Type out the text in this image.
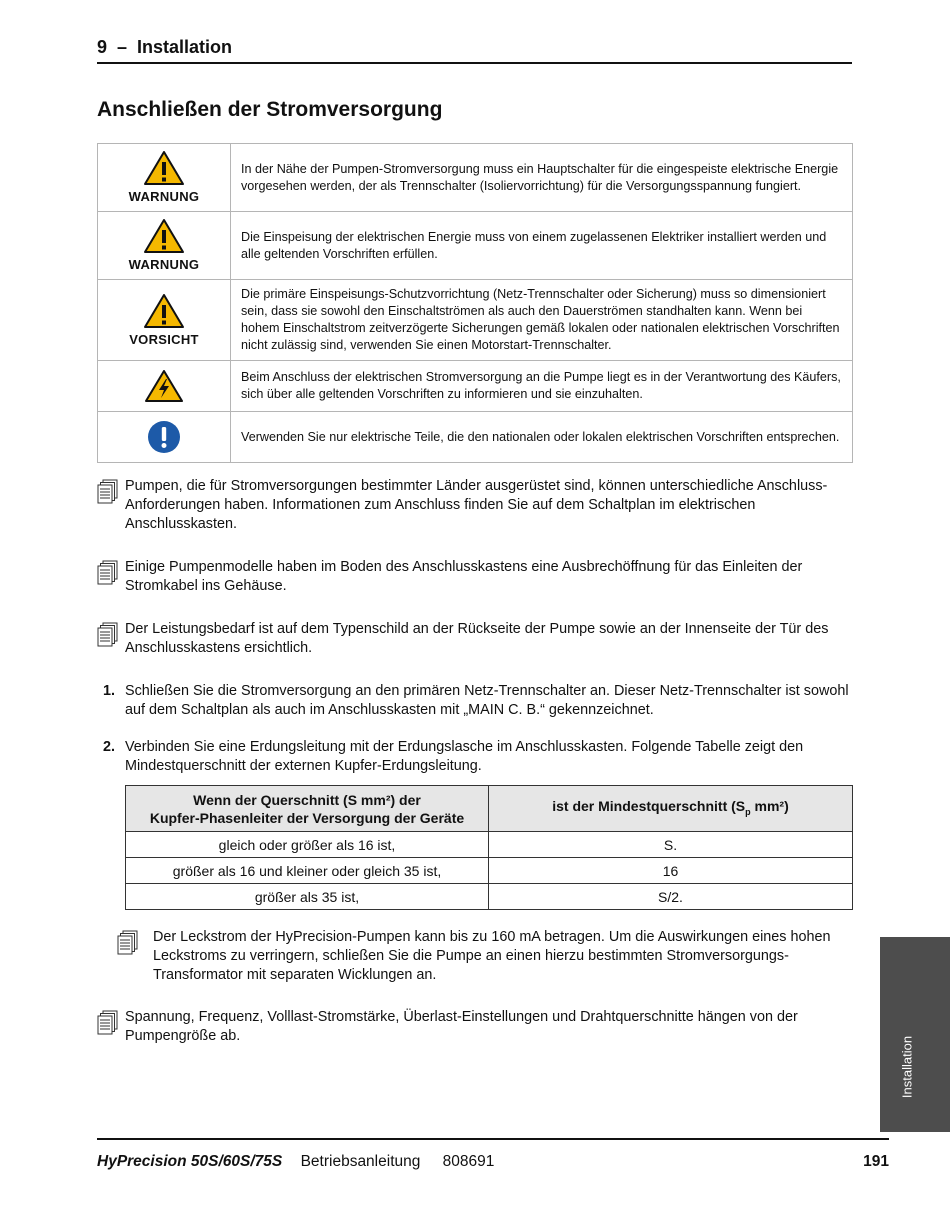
9  –  Installation
Anschließen der Stromversorgung
WARNUNG	In der Nähe der Pumpen-Stromversorgung muss ein Hauptschalter für die eingespeiste elektrische Energie vorgesehen werden, der als Trennschalter (Isoliervorrichtung) für die Versorgungsspannung fungiert.

WARNUNG	Die Einspeisung der elektrischen Energie muss von einem zugelassenen Elektriker installiert werden und alle geltenden Vorschriften erfüllen.

VORSICHT	Die primäre Einspeisungs-Schutzvorrichtung (Netz-Trennschalter oder Sicherung) muss so dimensioniert sein, dass sie sowohl den Einschaltströmen als auch den Dauerströmen standhalten kann. Wenn bei hohem Einschaltstrom zeitverzögerte Sicherungen gemäß lokalen oder nationalen elektrischen Vorschriften nicht zulässig sind, verwenden Sie einen Motorstart-Trennschalter.

	Beim Anschluss der elektrischen Stromversorgung an die Pumpe liegt es in der Verantwortung des Käufers, sich über alle geltenden Vorschriften zu informieren und sie einzuhalten.

	Verwenden Sie nur elektrische Teile, die den nationalen oder lokalen elektrischen Vorschriften entsprechen.
Pumpen, die für Stromversorgungen bestimmter Länder ausgerüstet sind, können unterschiedliche Anschluss-Anforderungen haben. Informationen zum Anschluss finden Sie auf dem Schaltplan im elektrischen Anschlusskasten.
Einige Pumpenmodelle haben im Boden des Anschlusskastens eine Ausbrechöffnung für das Einleiten der Stromkabel ins Gehäuse.
Der Leistungsbedarf ist auf dem Typenschild an der Rückseite der Pumpe sowie an der Innenseite der Tür des Anschlusskastens ersichtlich.
1. Schließen Sie die Stromversorgung an den primären Netz-Trennschalter an. Dieser Netz-Trennschalter ist sowohl auf dem Schaltplan als auch im Anschlusskasten mit „MAIN C. B.“ gekennzeichnet.
2. Verbinden Sie eine Erdungsleitung mit der Erdungslasche im Anschlusskasten. Folgende Tabelle zeigt den Mindestquerschnitt der externen Kupfer-Erdungsleitung.
Wenn der Querschnitt (S mm²) der
Kupfer-Phasenleiter der Versorgung der Geräte	ist der Mindestquerschnitt ($S_p$ mm²)
gleich oder größer als 16 ist,	S.
größer als 16 und kleiner oder gleich 35 ist,	16
größer als 35 ist,	S/2.
Der Leckstrom der HyPrecision-Pumpen kann bis zu 160 mA betragen. Um die Auswirkungen eines hohen Leckstroms zu verringern, schließen Sie die Pumpe an einen hierzu bestimmten Stromversorgungs-Transformator mit separaten Wicklungen an.
Spannung, Frequenz, Volllast-Stromstärke, Überlast-Einstellungen und Drahtquerschnitte hängen von der Pumpengröße ab.	Installation
HyPrecision 50S/60S/75S Betriebsanleitung 808691	191
